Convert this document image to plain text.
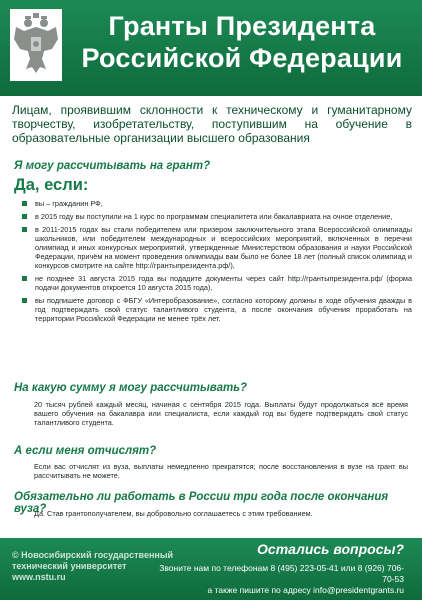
Гранты Президента
Российской Федерации

Лицам, проявившим склонности к техническому и гуманитарному творчеству, изобретательству, поступившим на обучение в образовательные организации высшего образования

Я могу рассчитывать на грант?
Да, если:
вы – гражданин РФ,
в 2015 году вы поступили на 1 курс по программам специалитета или бакалавриата на очное отделение,
в 2011-2015 годах вы стали победителем или призером заключительного этапа Всероссийской олимпиады школьников, или победителем международных и всероссийских мероприятий, включенных в перечни олимпиад и иных конкурсных мероприятий, утвержденные Министерством образования и науки Российской Федерации, причём на момент проведения олимпиады вам было не более 18 лет (полный список олимпиад и конкурсов смотрите на сайте http://грантыпрезидента.рф/),
не позднее 31 августа 2015 года вы подадите документы через сайт http://грантыпрезидента.рф/ (форма подачи документов откроется 10 августа 2015 года),
вы подпишете договор с ФБГУ «Интеробразование», согласно которому должны в ходе обучения дважды в год подтверждать свой статус талантливого студента, а после окончания обучения проработать на территории Российской Федерации не менее трёх лет.
На какую сумму я могу рассчитывать?

20 тысяч рублей каждый месяц, начиная с сентября 2015 года. Выплаты будут продолжаться всё время вашего обучения на бакалавра или специалиста, если каждый год вы будете подтверждать свой статус талантливого студента.

А если меня отчислят?

Если вас отчислят из вуза, выплаты немедленно прекратятся; после восстановления в вузе на грант вы рассчитывать не можете.

Обязательно ли работать в России три года после окончания вуза?

Да. Став грантополучателем, вы добровольно соглашаетесь с этим требованием.

© Новосибирский государственный
технический университет
www.nstu.ru
Остались вопросы?
Звоните нам по телефонам 8 (495) 223-05-41 или 8 (926) 706-70-53
а также пишите по адресу info@presidentgrants.ru
